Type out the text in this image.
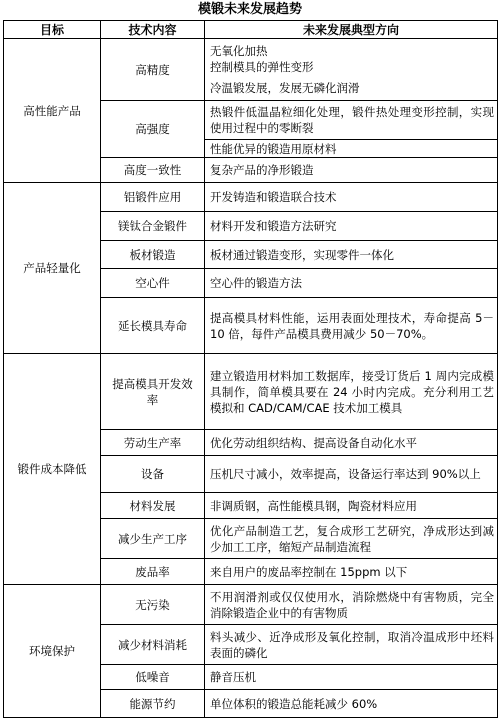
模锻未来发展趋势
目标	技术内容	未来发展典型方向
高性能产品	高精度	无氧化加热
控制模具的弹性变形
冷温锻发展，发展无磷化润滑

	高强度	热锻件低温晶粒细化处理，锻件热处理变形控制，实现使用过程中的零断裂
		性能优异的锻造用原材料
	高度一致性	复杂产品的净形锻造
产品轻量化	铝锻件应用	开发铸造和锻造联合技术
	镁钛合金锻件	材料开发和锻造方法研究
	板材锻造	板材通过锻造变形，实现零件一体化
	空心件	空心件的锻造方法
	延长模具寿命	提高模具材料性能，运用表面处理技术，寿命提高 5－10 倍，每件产品模具费用减少 50－70%。
锻件成本降低	提高模具开发效率	建立锻造用材料加工数据库，接受订货后 1 周内完成模具制作，简单模具要在 24 小时内完成。充分利用工艺模拟和 CAD/CAM/CAE 技术加工模具
	劳动生产率	优化劳动组织结构、提高设备自动化水平
	设备	压机尺寸减小，效率提高，设备运行率达到 90%以上
	材料发展	非调质钢，高性能模具钢，陶瓷材料应用
	减少生产工序	优化产品制造工艺，复合成形工艺研究，净成形达到减少加工工序，缩短产品制造流程
	废品率	来自用户的废品率控制在 15ppm 以下
环境保护	无污染	不用润滑剂或仅仅使用水，消除燃烧中有害物质，完全消除锻造企业中的有害物质
	减少材料消耗	料头减少、近净成形及氧化控制，取消冷温成形中坯料表面的磷化
	低噪音	静音压机
	能源节约	单位体积的锻造总能耗减少 60%
